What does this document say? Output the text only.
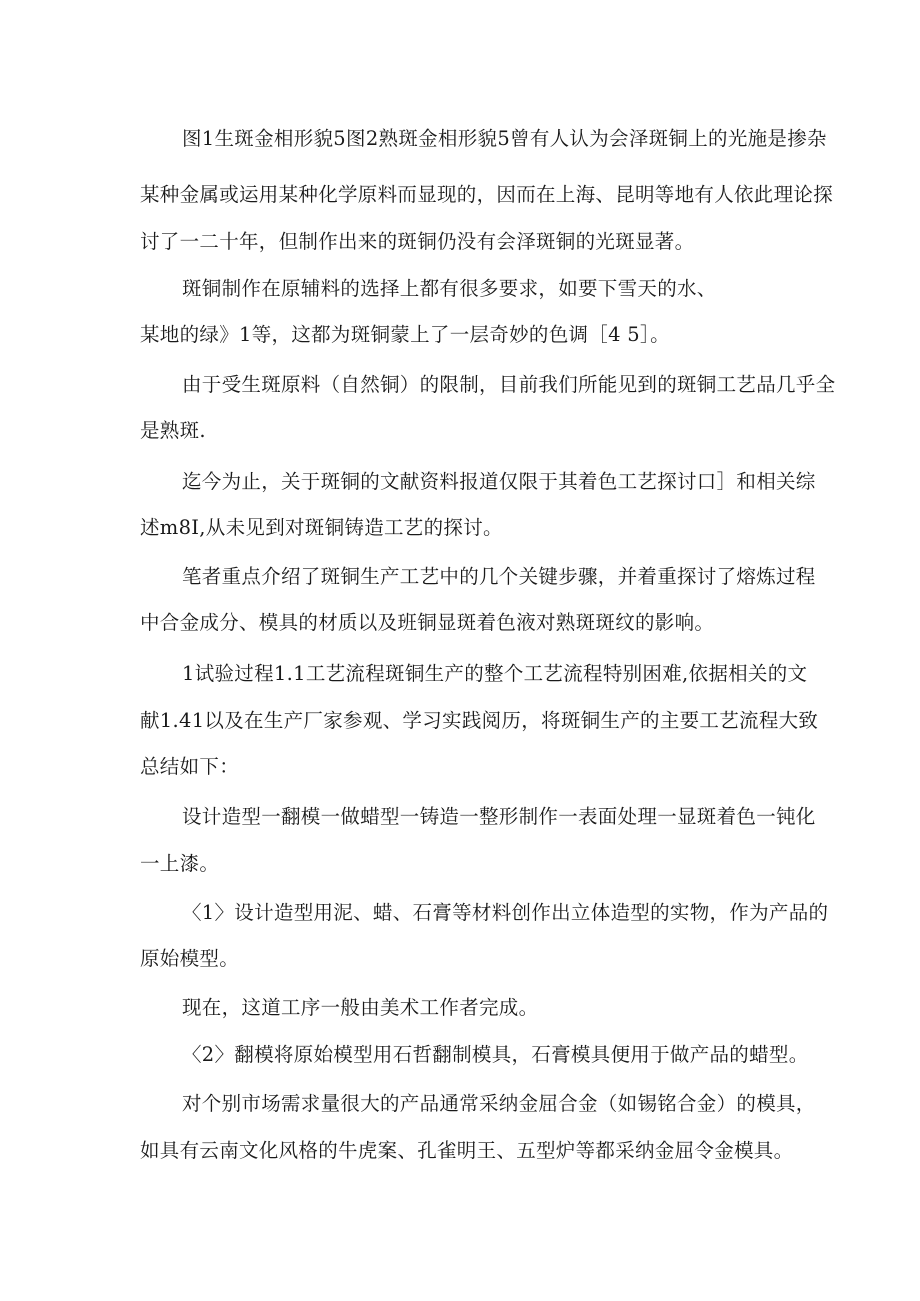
图1生斑金相形貌5图2熟斑金相形貌5曾有人认为会泽斑铜上的光施是掺杂

某种金属或运用某种化学原料而显现的，因而在上海、昆明等地有人依此理论探

讨了一二十年，但制作出来的斑铜仍没有会泽斑铜的光斑显著。

斑铜制作在原辅料的选择上都有很多要求，如要下雪天的水、

某地的绿》1等，这都为斑铜蒙上了一层奇妙的色调［4 5］。

由于受生斑原料（自然铜）的限制，目前我们所能见到的斑铜工艺品几乎全

是熟斑.

迄今为止，关于斑铜的文献资料报道仅限于其着色工艺探讨口］和相关综

述m8I,从未见到对斑铜铸造工艺的探讨。

笔者重点介绍了斑铜生产工艺中的几个关键步骤，并着重探讨了熔炼过程

中合金成分、模具的材质以及班铜显斑着色液对熟斑斑纹的影响。

1试验过程1.1工艺流程斑铜生产的整个工艺流程特别困难,依据相关的文

献1.41以及在生产厂家参观、学习实践阅历，将斑铜生产的主要工艺流程大致

总结如下：

设计造型一翻模一做蜡型一铸造一整形制作一表面处理一显斑着色一钝化

一上漆。

〈1〉设计造型用泥、蜡、石膏等材料创作出立体造型的实物，作为产品的

原始模型。

现在，这道工序一般由美术工作者完成。

〈2〉翻模将原始模型用石哲翻制模具，石膏模具便用于做产品的蜡型。

对个别市场需求量很大的产品通常采纳金屈合金（如锡铭合金）的模具，

如具有云南文化风格的牛虎案、孔雀明王、五型炉等都采纳金屈令金模具。
